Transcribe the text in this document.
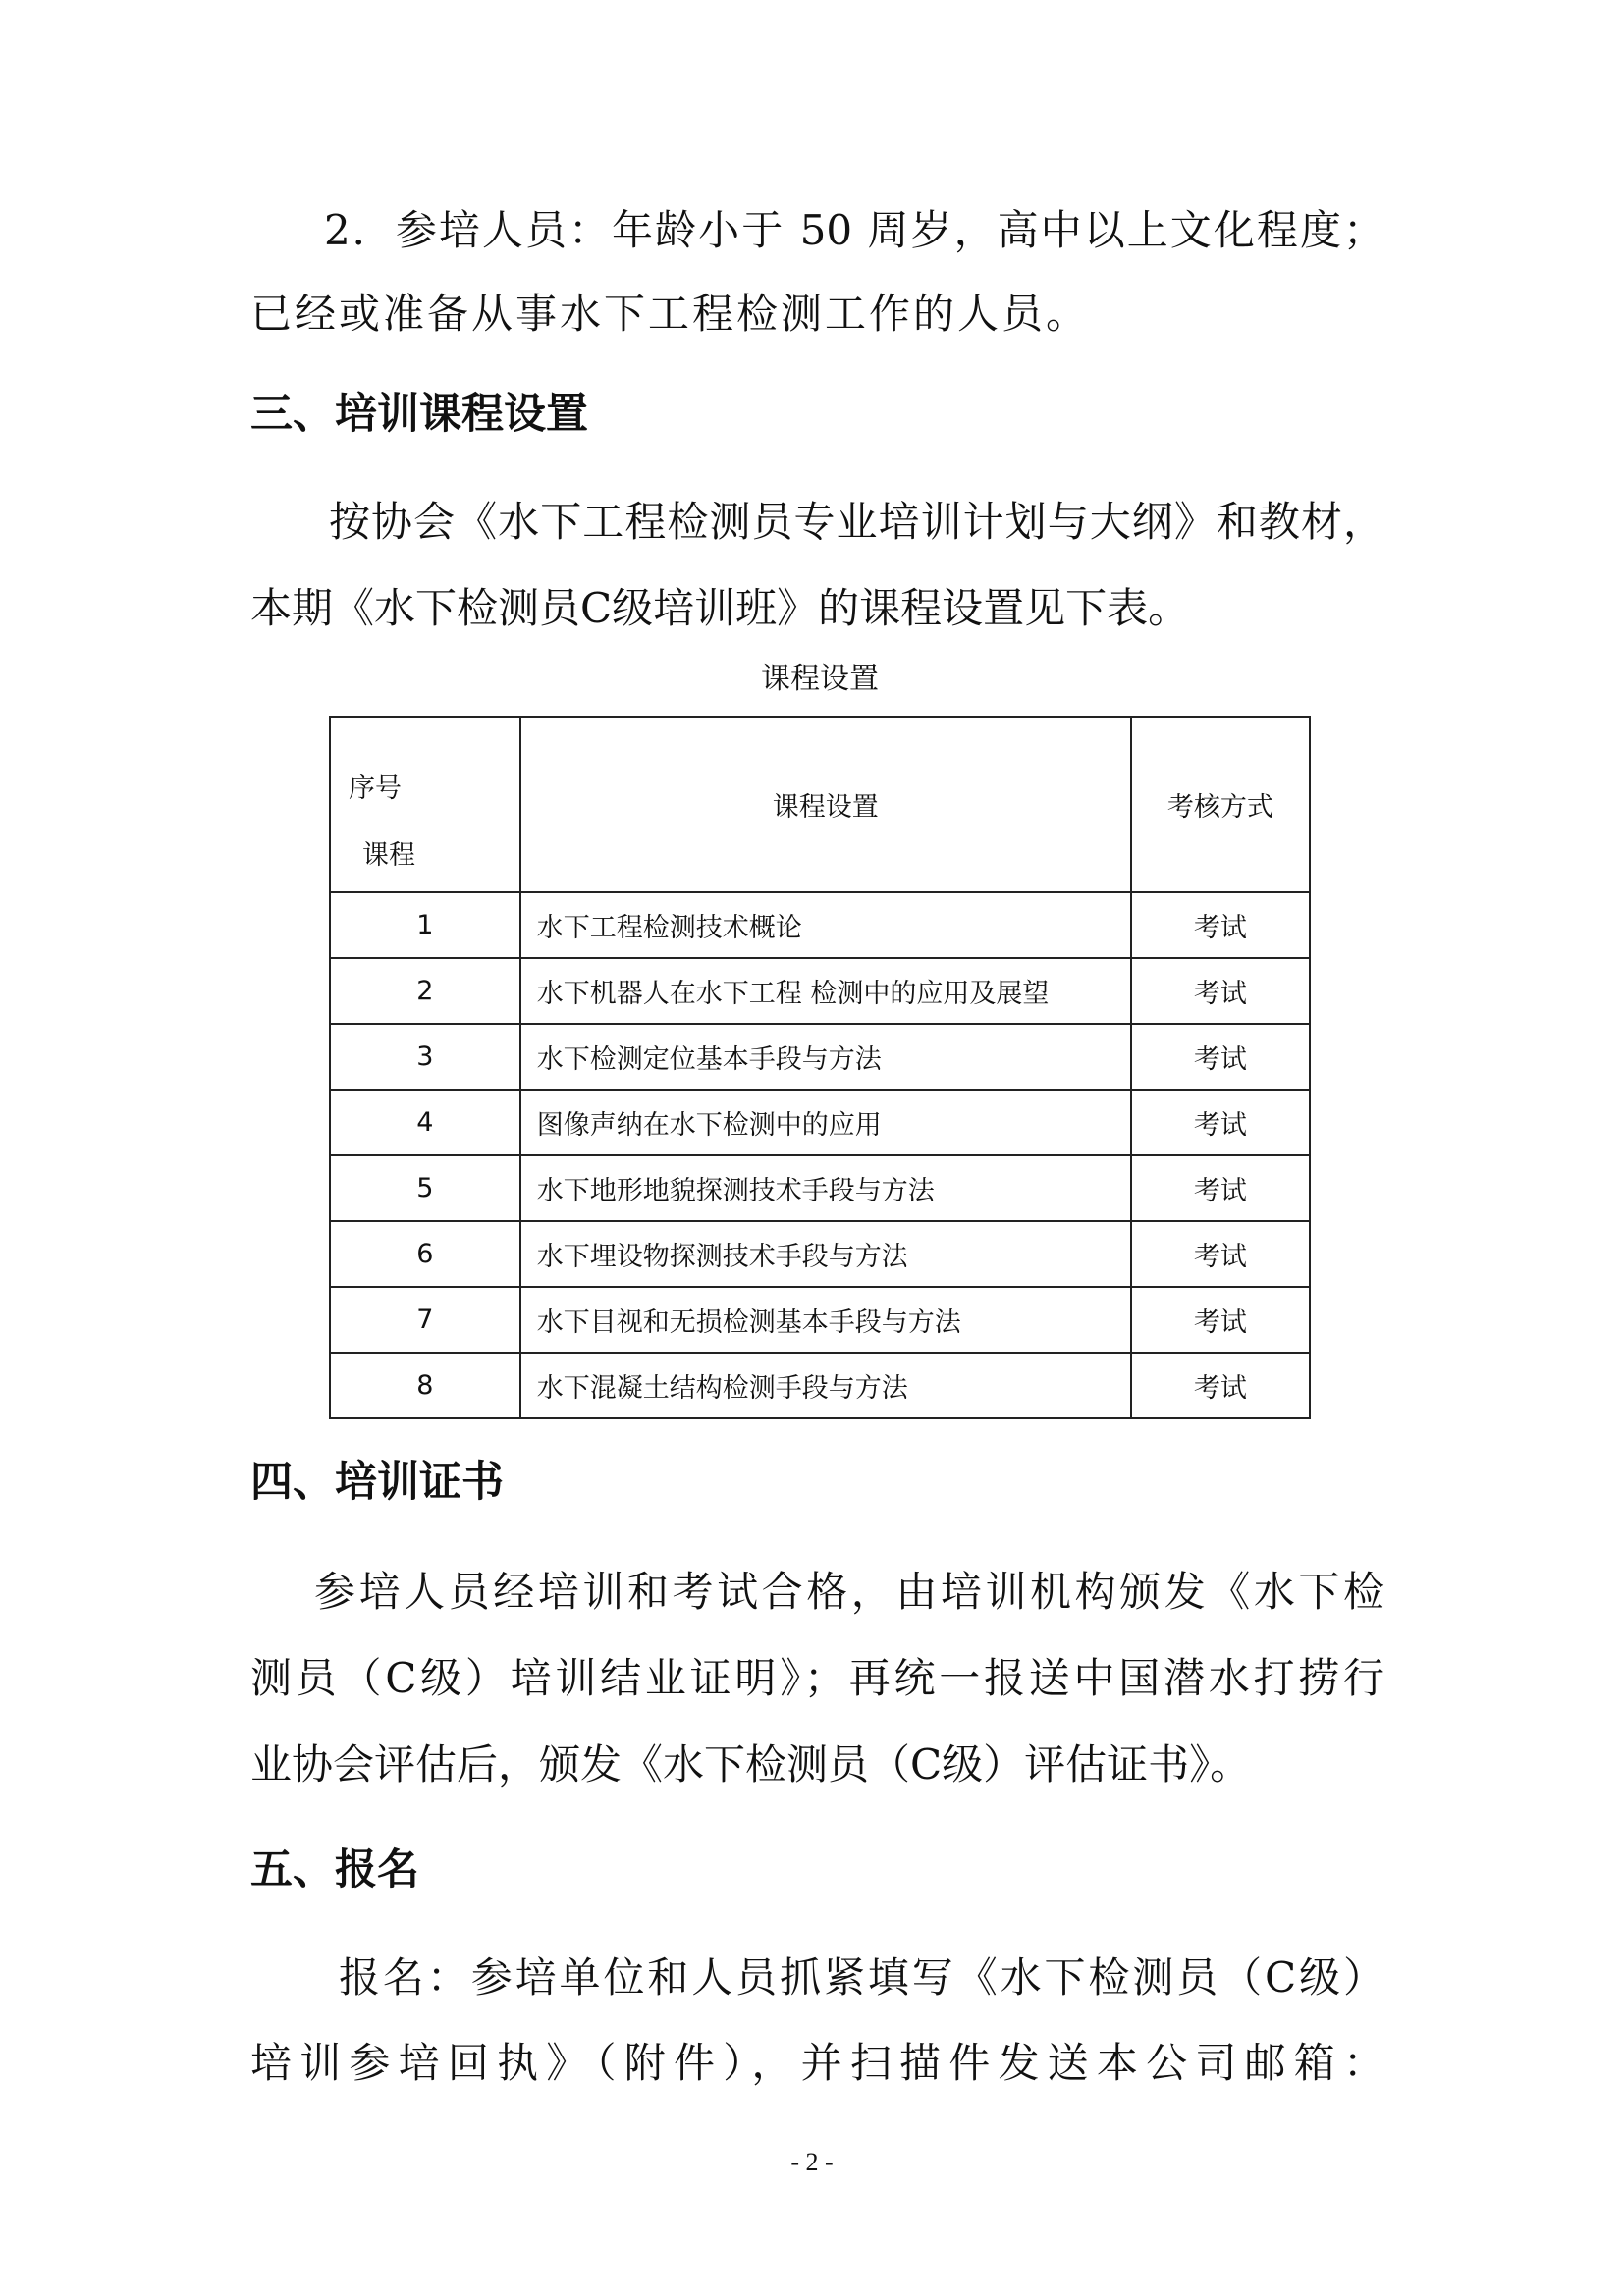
2．参培人员：年龄小于 50 周岁，高中以上文化程度；
已经或准备从事水下工程检测工作的人员。
三、培训课程设置
按协会《水下工程检测员专业培训计划与大纲》和教材，
本期《水下检测员C级培训班》的课程设置见下表。
课程设置
序号
课程	课程设置	考核方式
1	水下工程检测技术概论	考试
2	水下机器人在水下工程 检测中的应用及展望	考试
3	水下检测定位基本手段与方法	考试
4	图像声纳在水下检测中的应用	考试
5	水下地形地貌探测技术手段与方法	考试
6	水下埋设物探测技术手段与方法	考试
7	水下目视和无损检测基本手段与方法	考试
8	水下混凝土结构检测手段与方法	考试
四、培训证书
参培人员经培训和考试合格，由培训机构颁发《水下检
测员（C级）培训结业证明》；再统一报送中国潜水打捞行
业协会评估后，颁发《水下检测员（C级）评估证书》。
五、报名
报名：参培单位和人员抓紧填写《水下检测员（C级）
培训参培回执》（附件），并扫描件发送本公司邮箱：
- 2 -
